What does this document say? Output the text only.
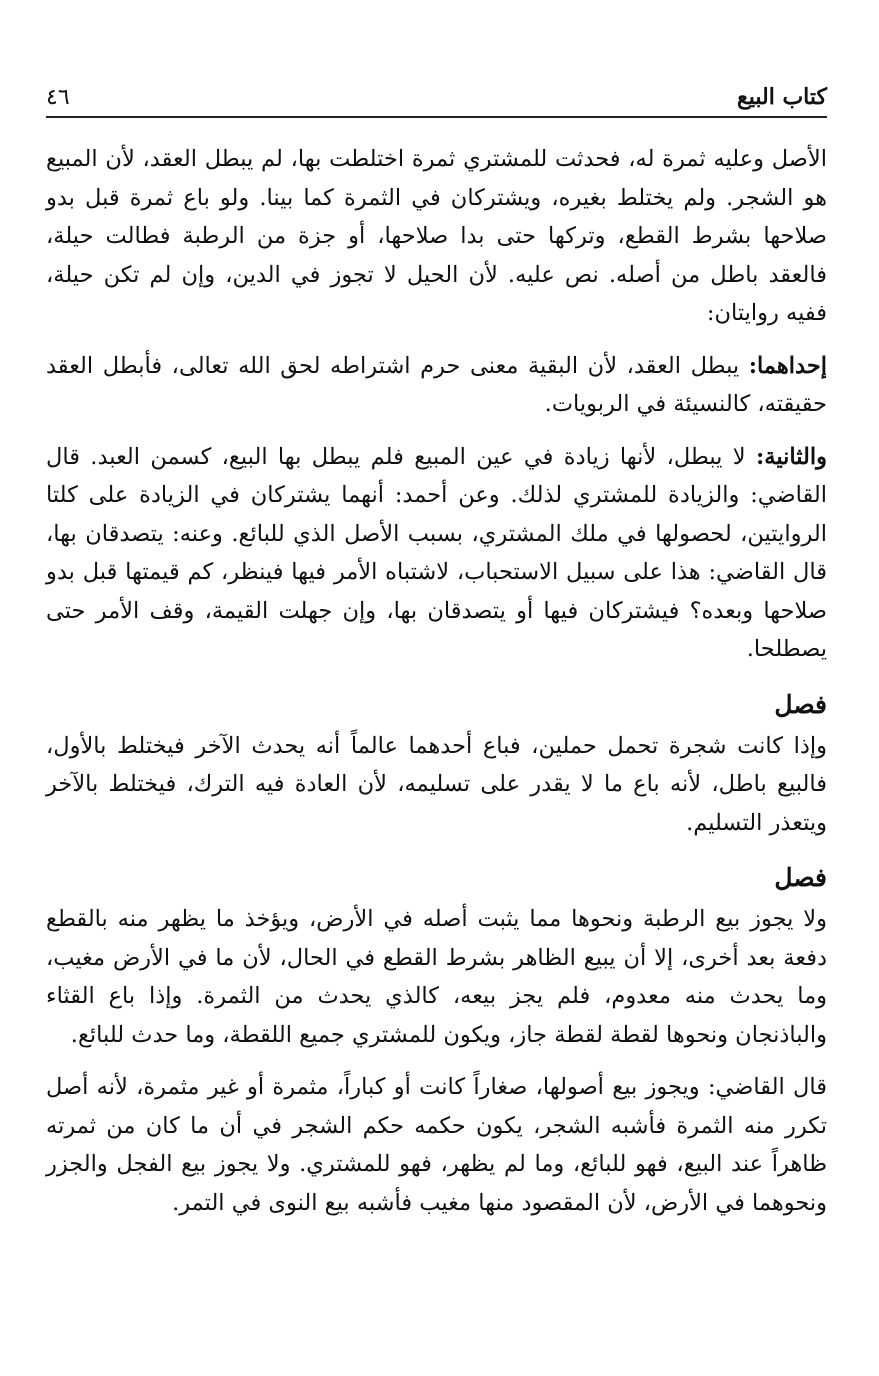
٤٦	كتاب البيع

الأصل وعليه ثمرة له، فحدثت للمشتري ثمرة اختلطت بها، لم يبطل العقد، لأن المبيع هو الشجر. ولم يختلط بغيره، ويشتركان في الثمرة كما بينا. ولو باع ثمرة قبل بدو صلاحها بشرط القطع، وتركها حتى بدا صلاحها، أو جزة من الرطبة فطالت حيلة، فالعقد باطل من أصله. نص عليه. لأن الحيل لا تجوز في الدين، وإن لم تكن حيلة، ففيه روايتان:

إحداهما: يبطل العقد، لأن البقية معنى حرم اشتراطه لحق الله تعالى، فأبطل العقد حقيقته، كالنسيئة في الربويات.

والثانية: لا يبطل، لأنها زيادة في عين المبيع فلم يبطل بها البيع، كسمن العبد. قال القاضي: والزيادة للمشتري لذلك. وعن أحمد: أنهما يشتركان في الزيادة على كلتا الروايتين، لحصولها في ملك المشتري، بسبب الأصل الذي للبائع. وعنه: يتصدقان بها، قال القاضي: هذا على سبيل الاستحباب، لاشتباه الأمر فيها فينظر، كم قيمتها قبل بدو صلاحها وبعده؟ فيشتركان فيها أو يتصدقان بها، وإن جهلت القيمة، وقف الأمر حتى يصطلحا.

فصل

وإذا كانت شجرة تحمل حملين، فباع أحدهما عالماً أنه يحدث الآخر فيختلط بالأول، فالبيع باطل، لأنه باع ما لا يقدر على تسليمه، لأن العادة فيه الترك، فيختلط بالآخر ويتعذر التسليم.

فصل

ولا يجوز بيع الرطبة ونحوها مما يثبت أصله في الأرض، ويؤخذ ما يظهر منه بالقطع دفعة بعد أخرى، إلا أن يبيع الظاهر بشرط القطع في الحال، لأن ما في الأرض مغيب، وما يحدث منه معدوم، فلم يجز بيعه، كالذي يحدث من الثمرة. وإذا باع القثاء والباذنجان ونحوها لقطة لقطة جاز، ويكون للمشتري جميع اللقطة، وما حدث للبائع.

قال القاضي: ويجوز بيع أصولها، صغاراً كانت أو كباراً، مثمرة أو غير مثمرة، لأنه أصل تكرر منه الثمرة فأشبه الشجر، يكون حكمه حكم الشجر في أن ما كان من ثمرته ظاهراً عند البيع، فهو للبائع، وما لم يظهر، فهو للمشتري. ولا يجوز بيع الفجل والجزر ونحوهما في الأرض، لأن المقصود منها مغيب فأشبه بيع النوى في التمر.
